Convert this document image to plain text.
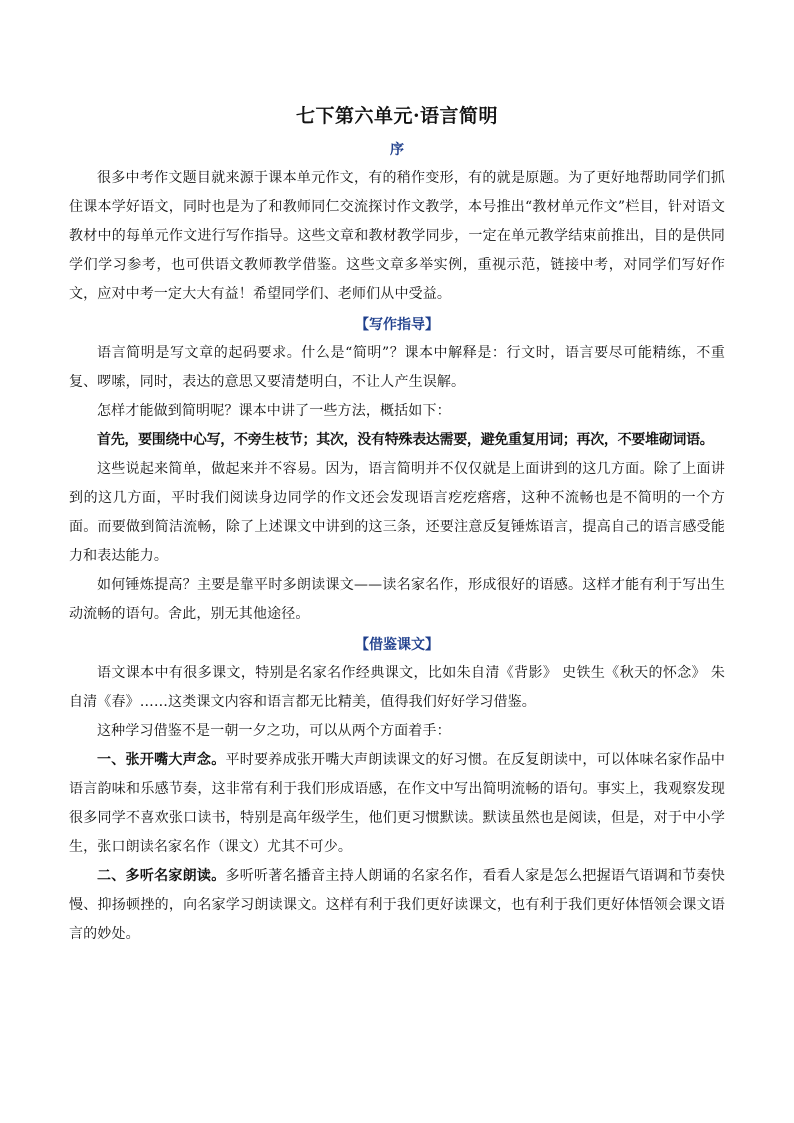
七下第六单元·语言简明
序

很多中考作文题目就来源于课本单元作文，有的稍作变形，有的就是原题。为了更好地帮助同学们抓住课本学好语文，同时也是为了和教师同仁交流探讨作文教学，本号推出“教材单元作文”栏目，针对语文教材中的每单元作文进行写作指导。这些文章和教材教学同步，一定在单元教学结束前推出，目的是供同学们学习参考，也可供语文教师教学借鉴。这些文章多举实例，重视示范，链接中考，对同学们写好作文，应对中考一定大大有益！希望同学们、老师们从中受益。

【写作指导】

语言简明是写文章的起码要求。什么是“简明”？课本中解释是：行文时，语言要尽可能精练，不重复、啰嗦，同时，表达的意思又要清楚明白，不让人产生误解。

怎样才能做到简明呢？课本中讲了一些方法，概括如下：

首先，要围绕中心写，不旁生枝节；其次，没有特殊表达需要，避免重复用词；再次，不要堆砌词语。

这些说起来简单，做起来并不容易。因为，语言简明并不仅仅就是上面讲到的这几方面。除了上面讲到的这几方面，平时我们阅读身边同学的作文还会发现语言疙疙瘩瘩，这种不流畅也是不简明的一个方面。而要做到简洁流畅，除了上述课文中讲到的这三条，还要注意反复锤炼语言，提高自己的语言感受能力和表达能力。

如何锤炼提高？主要是靠平时多朗读课文——读名家名作，形成很好的语感。这样才能有利于写出生动流畅的语句。舍此，别无其他途径。

【借鉴课文】

语文课本中有很多课文，特别是名家名作经典课文，比如朱自清《背影》 史铁生《秋天的怀念》 朱自清《春》……这类课文内容和语言都无比精美，值得我们好好学习借鉴。

这种学习借鉴不是一朝一夕之功，可以从两个方面着手：

一、张开嘴大声念。平时要养成张开嘴大声朗读课文的好习惯。在反复朗读中，可以体味名家作品中语言韵味和乐感节奏，这非常有利于我们形成语感，在作文中写出简明流畅的语句。事实上，我观察发现很多同学不喜欢张口读书，特别是高年级学生，他们更习惯默读。默读虽然也是阅读，但是，对于中小学生，张口朗读名家名作（课文）尤其不可少。

二、多听名家朗读。多听听著名播音主持人朗诵的名家名作，看看人家是怎么把握语气语调和节奏快慢、抑扬顿挫的，向名家学习朗读课文。这样有利于我们更好读课文，也有利于我们更好体悟领会课文语言的妙处。
